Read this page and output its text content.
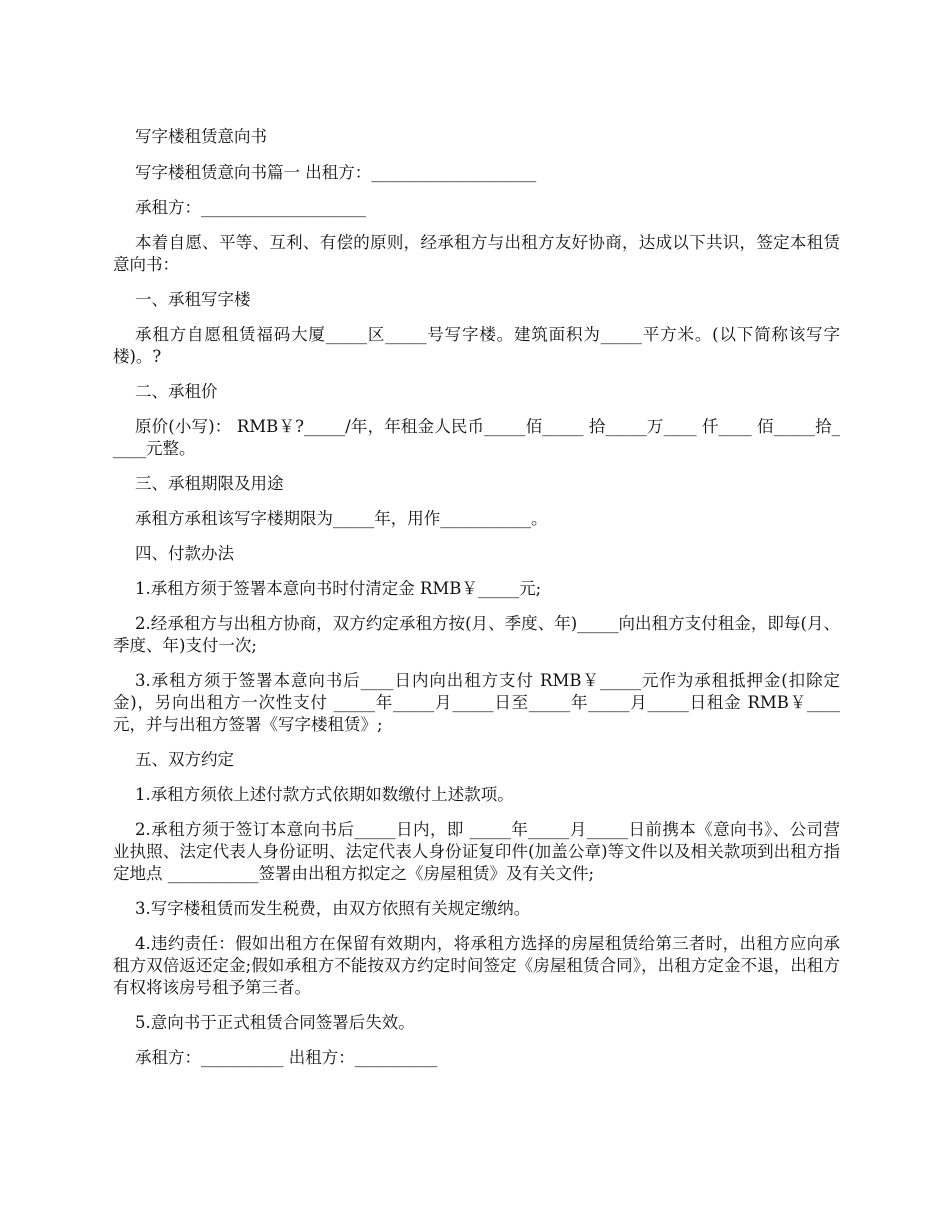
写字楼租赁意向书

写字楼租赁意向书篇一 出租方：____________________

承租方：____________________

本着自愿、平等、互利、有偿的原则，经承租方与出租方友好协商，达成以下共识，签定本租赁意向书：

一、承租写字楼

承租方自愿租赁福码大厦_____区_____号写字楼。建筑面积为_____平方米。(以下简称该写字楼)。?

二、承租价

原价(小写)： RMB￥?_____/年，年租金人民币_____佰_____ 拾_____万____ 仟____ 佰_____拾_____元整。

三、承租期限及用途

承租方承租该写字楼期限为_____年，用作___________。

四、付款办法

1.承租方须于签署本意向书时付清定金 RMB￥_____元;

2.经承租方与出租方协商，双方约定承租方按(月、季度、年)_____向出租方支付租金，即每(月、季度、年)支付一次;

3.承租方须于签署本意向书后____日内向出租方支付 RMB￥_____元作为承租抵押金(扣除定金)，另向出租方一次性支付 _____年_____月_____日至_____年_____月_____日租金 RMB￥____元，并与出租方签署《写字楼租赁》;

五、双方约定

1.承租方须依上述付款方式依期如数缴付上述款项。

2.承租方须于签订本意向书后_____日内，即 _____年_____月_____日前携本《意向书》、公司营业执照、法定代表人身份证明、法定代表人身份证复印件(加盖公章)等文件以及相关款项到出租方指定地点 ___________签署由出租方拟定之《房屋租赁》及有关文件;

3.写字楼租赁而发生税费，由双方依照有关规定缴纳。

4.违约责任：假如出租方在保留有效期内，将承租方选择的房屋租赁给第三者时，出租方应向承租方双倍返还定金;假如承租方不能按双方约定时间签定《房屋租赁合同》，出租方定金不退，出租方有权将该房号租予第三者。

5.意向书于正式租赁合同签署后失效。

承租方：__________ 出租方：__________
